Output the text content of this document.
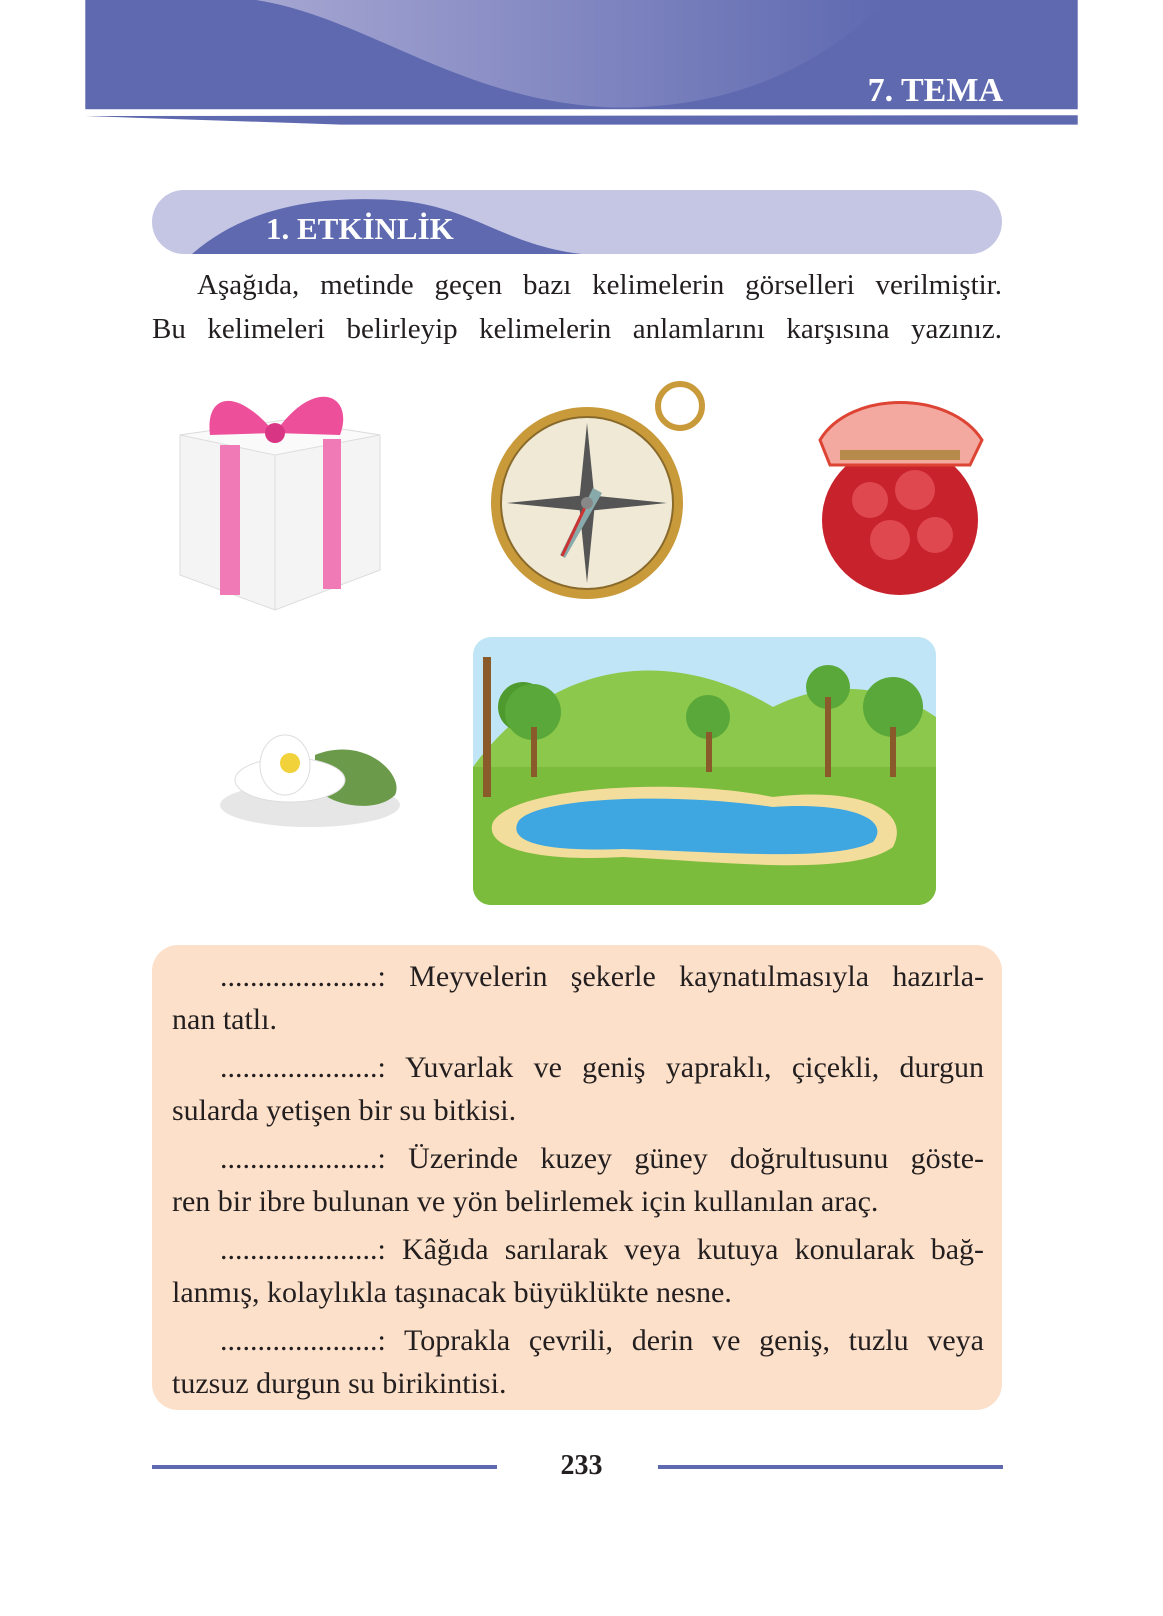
7. TEMA
1. ETKİNLİK
Aşağıda, metinde geçen bazı kelimelerin görselleri verilmiştir.
Bu kelimeleri belirleyip kelimelerin anlamlarını karşısına yazınız.
.....................: Meyvelerin şekerle kaynatılmasıyla hazırla-
nan tatlı.
.....................: Yuvarlak ve geniş yapraklı, çiçekli, durgun
sularda yetişen bir su bitkisi.
.....................: Üzerinde kuzey güney doğrultusunu göste-
ren bir ibre bulunan ve yön belirlemek için kullanılan araç.
.....................: Kâğıda sarılarak veya kutuya konularak bağ-
lanmış, kolaylıkla taşınacak büyüklükte nesne.
.....................: Toprakla çevrili, derin ve geniş, tuzlu veya
tuzsuz durgun su birikintisi.
233
